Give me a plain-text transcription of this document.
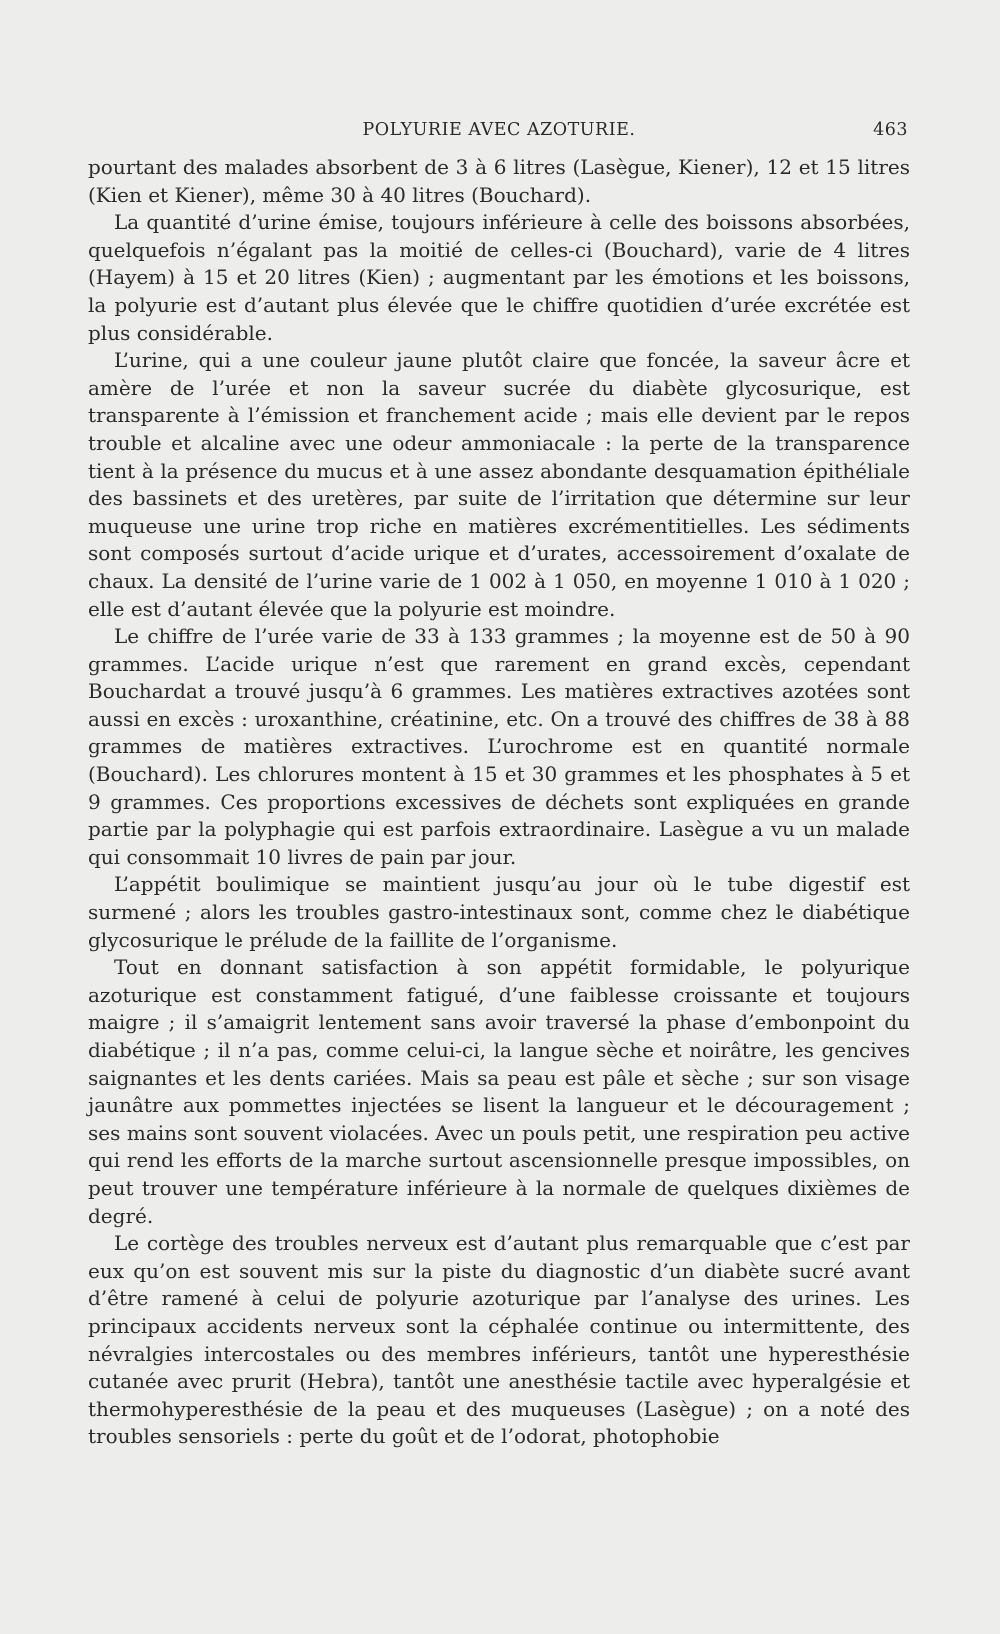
POLYURIE AVEC AZOTURIE.	463

pourtant des malades absorbent de 3 à 6 litres (Lasègue, Kiener), 12 et 15 litres (Kien et Kiener), même 30 à 40 litres (Bouchard).

La quantité d’urine émise, toujours inférieure à celle des boissons absorbées, quelquefois n’égalant pas la moitié de celles-ci (Bouchard), varie de 4 litres (Hayem) à 15 et 20 litres (Kien) ; augmentant par les émotions et les boissons, la polyurie est d’autant plus élevée que le chiffre quotidien d’urée excrétée est plus considérable.

L’urine, qui a une couleur jaune plutôt claire que foncée, la saveur âcre et amère de l’urée et non la saveur sucrée du diabète glycosurique, est transparente à l’émission et franchement acide ; mais elle devient par le repos trouble et alcaline avec une odeur ammoniacale : la perte de la transparence tient à la présence du mucus et à une assez abondante desquamation épithéliale des bassinets et des uretères, par suite de l’irritation que détermine sur leur muqueuse une urine trop riche en matières excrémentitielles. Les sédiments sont composés surtout d’acide urique et d’urates, accessoirement d’oxalate de chaux. La densité de l’urine varie de 1 002 à 1 050, en moyenne 1 010 à 1 020 ; elle est d’autant élevée que la polyurie est moindre.

Le chiffre de l’urée varie de 33 à 133 grammes ; la moyenne est de 50 à 90 grammes. L’acide urique n’est que rarement en grand excès, cependant Bouchardat a trouvé jusqu’à 6 grammes. Les matières extractives azotées sont aussi en excès : uroxanthine, créatinine, etc. On a trouvé des chiffres de 38 à 88 grammes de matières extractives. L’urochrome est en quantité normale (Bouchard). Les chlorures montent à 15 et 30 grammes et les phosphates à 5 et 9 grammes. Ces proportions excessives de déchets sont expliquées en grande partie par la polyphagie qui est parfois extraordinaire. Lasègue a vu un malade qui consommait 10 livres de pain par jour.

L’appétit boulimique se maintient jusqu’au jour où le tube digestif est surmené ; alors les troubles gastro-intestinaux sont, comme chez le diabétique glycosurique le prélude de la faillite de l’organisme.

Tout en donnant satisfaction à son appétit formidable, le polyurique azoturique est constamment fatigué, d’une faiblesse croissante et toujours maigre ; il s’amaigrit lentement sans avoir traversé la phase d’embonpoint du diabétique ; il n’a pas, comme celui-ci, la langue sèche et noirâtre, les gencives saignantes et les dents cariées. Mais sa peau est pâle et sèche ; sur son visage jaunâtre aux pommettes injectées se lisent la langueur et le découragement ; ses mains sont souvent violacées. Avec un pouls petit, une respiration peu active qui rend les efforts de la marche surtout ascensionnelle presque impossibles, on peut trouver une température inférieure à la normale de quelques dixièmes de degré.

Le cortège des troubles nerveux est d’autant plus remarquable que c’est par eux qu’on est souvent mis sur la piste du diagnostic d’un diabète sucré avant d’être ramené à celui de polyurie azoturique par l’analyse des urines. Les principaux accidents nerveux sont la céphalée continue ou intermittente, des névralgies intercostales ou des membres inférieurs, tantôt une hyperesthésie cutanée avec prurit (Hebra), tantôt une anesthésie tactile avec hyperalgésie et thermohyperesthésie de la peau et des muqueuses (Lasègue) ; on a noté des troubles sensoriels : perte du goût et de l’odorat, photophobie
